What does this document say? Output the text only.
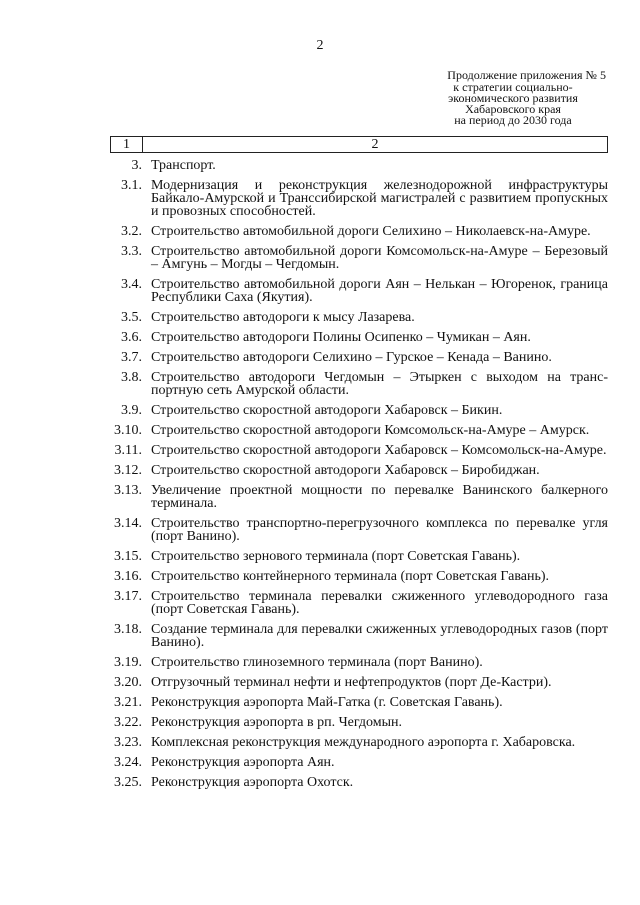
2
Продолжение приложения № 5
к стратегии социально-
экономического развития
Хабаровского края
на период до 2030 года
1	2
3. Транспорт.
3.1. Модернизация и реконструкция железнодорожной инфраструктуры Байкало-Амурской и Транссибирской магистралей с развитием пропускных и провозных способностей.
3.2. Строительство автомобильной дороги Селихино – Николаевск-на-Амуре.
3.3. Строительство автомобильной дороги Комсомольск-на-Амуре – Березовый – Амгунь – Могды – Чегдомын.
3.4. Строительство автомобильной дороги Аян – Нелькан – Югоренок, граница Республики Саха (Якутия).
3.5. Строительство автодороги к мысу Лазарева.
3.6. Строительство автодороги Полины Осипенко – Чумикан – Аян.
3.7. Строительство автодороги Селихино – Гурское – Кенада – Ванино.
3.8. Строительство автодороги Чегдомын – Этыркен с выходом на транспортную сеть Амурской области.
3.9. Строительство скоростной автодороги Хабаровск – Бикин.
3.10. Строительство скоростной автодороги Комсомольск-на-Амуре – Амурск.
3.11. Строительство скоростной автодороги Хабаровск – Комсомольск-на-Амуре.
3.12. Строительство скоростной автодороги Хабаровск – Биробиджан.
3.13. Увеличение проектной мощности по перевалке Ванинского балкерного терминала.
3.14. Строительство транспортно-перегрузочного комплекса по перевалке угля (порт Ванино).
3.15. Строительство зернового терминала (порт Советская Гавань).
3.16. Строительство контейнерного терминала (порт Советская Гавань).
3.17. Строительство терминала перевалки сжиженного углеводородного газа (порт Советская Гавань).
3.18. Создание терминала для перевалки сжиженных углеводородных газов (порт Ванино).
3.19. Строительство глиноземного терминала (порт Ванино).
3.20. Отгрузочный терминал нефти и нефтепродуктов (порт Де-Кастри).
3.21. Реконструкция аэропорта Май-Гатка (г. Советская Гавань).
3.22. Реконструкция аэропорта в рп. Чегдомын.
3.23. Комплексная реконструкция международного аэропорта г. Хабаровска.
3.24. Реконструкция аэропорта Аян.
3.25. Реконструкция аэропорта Охотск.
